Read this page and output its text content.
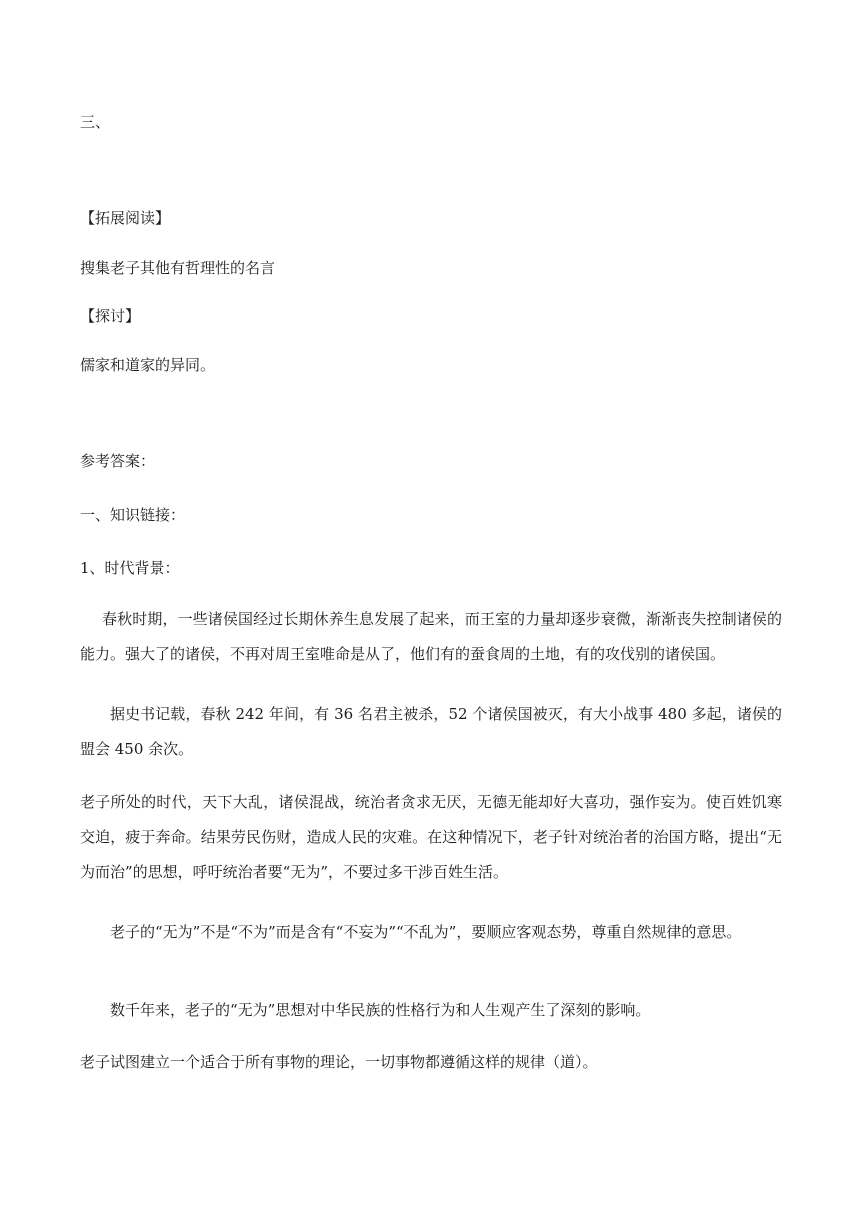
三、
【拓展阅读】
搜集老子其他有哲理性的名言
【探讨】
儒家和道家的异同。
参考答案：
一、知识链接：
1、时代背景：
春秋时期，一些诸侯国经过长期休养生息发展了起来，而王室的力量却逐步衰微，渐渐丧失控制诸侯的能力。强大了的诸侯，不再对周王室唯命是从了，他们有的蚕食周的土地，有的攻伐别的诸侯国。
据史书记载，春秋 242 年间，有 36 名君主被杀，52 个诸侯国被灭，有大小战事 480 多起，诸侯的盟会 450 余次。
老子所处的时代，天下大乱，诸侯混战，统治者贪求无厌，无德无能却好大喜功，强作妄为。使百姓饥寒交迫，疲于奔命。结果劳民伤财，造成人民的灾难。在这种情况下，老子针对统治者的治国方略，提出“无为而治”的思想，呼吁统治者要“无为”，不要过多干涉百姓生活。
老子的“无为”不是“不为”而是含有“不妄为”“不乱为”，要顺应客观态势，尊重自然规律的意思。
数千年来，老子的“无为”思想对中华民族的性格行为和人生观产生了深刻的影响。
老子试图建立一个适合于所有事物的理论，一切事物都遵循这样的规律（道）。
